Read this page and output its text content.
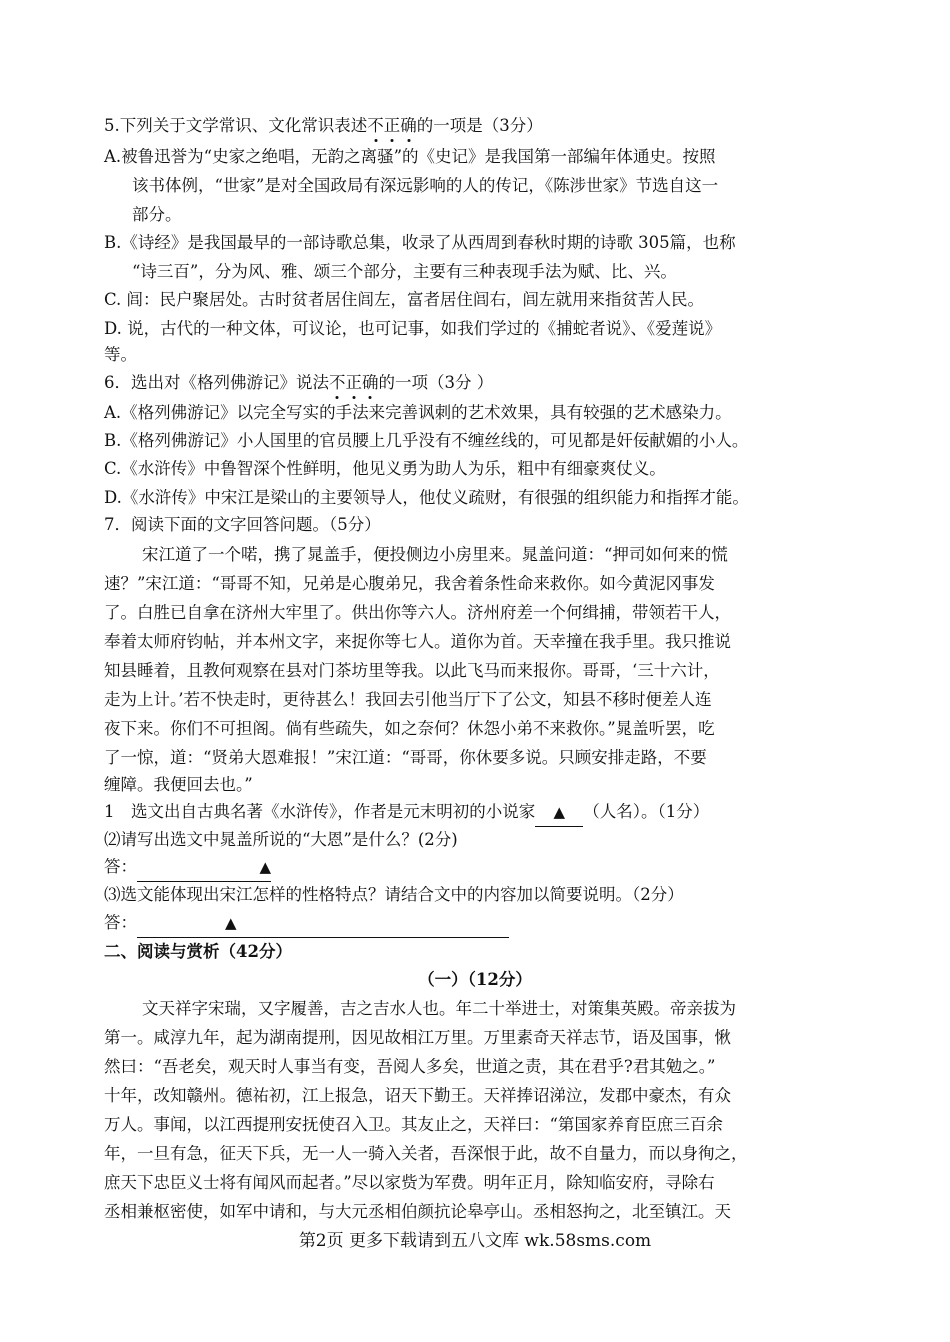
5.下列关于文学常识、文化常识表述不正确的一项是（3分）
A.被鲁迅誉为“史家之绝唱，无韵之离骚”的《史记》是我国第一部编年体通史。按照
该书体例，“世家”是对全国政局有深远影响的人的传记，《陈涉世家》节选自这一
部分。
B.《诗经》是我国最早的一部诗歌总集，收录了从西周到春秋时期的诗歌 305篇，也称
“诗三百”，分为风、雅、颂三个部分，主要有三种表现手法为赋、比、兴。
C. 闾：民户聚居处。古时贫者居住闾左，富者居住闾右，闾左就用来指贫苦人民。
D. 说，古代的一种文体，可议论，也可记事，如我们学过的《捕蛇者说》、《爱莲说》
等。
6．选出对《格列佛游记》说法不正确的一项（3分 ）
A.《格列佛游记》以完全写实的手法来完善讽刺的艺术效果，具有较强的艺术感染力。
B.《格列佛游记》小人国里的官员腰上几乎没有不缠丝线的，可见都是奸佞献媚的小人。
C.《水浒传》中鲁智深个性鲜明，他见义勇为助人为乐，粗中有细豪爽仗义。
D.《水浒传》中宋江是梁山的主要领导人，他仗义疏财，有很强的组织能力和指挥才能。
7．阅读下面的文字回答问题。（5分）
宋江道了一个喏，携了晁盖手，便投侧边小房里来。晁盖问道：“押司如何来的慌
速？”宋江道：“哥哥不知，兄弟是心腹弟兄，我舍着条性命来救你。如今黄泥冈事发
了。白胜已自拿在济州大牢里了。供出你等六人。济州府差一个何缉捕，带领若干人，
奉着太师府钧帖，并本州文字，来捉你等七人。道你为首。天幸撞在我手里。我只推说
知县睡着，且教何观察在县对门茶坊里等我。以此飞马而来报你。哥哥，‘三十六计，
走为上计。’若不快走时，更待甚么！我回去引他当厅下了公文，知县不移时便差人连
夜下来。你们不可担阁。倘有些疏失，如之奈何？休怨小弟不来救你。”晁盖听罢，吃
了一惊，道：“贤弟大恩难报！”宋江道：“哥哥，你休要多说。只顾安排走路，不要
缠障。我便回去也。”
1　选文出自古典名著《水浒传》，作者是元末明初的小说家 ▲ （人名）。（1分）
⑵请写出选文中晁盖所说的“大恩”是什么？(2分)
答：	▲
⑶选文能体现出宋江怎样的性格特点？请结合文中的内容加以简要说明。（2分）
答：	▲
二、阅读与赏析（42分）
（一）（12分）
文天祥字宋瑞，又字履善，吉之吉水人也。年二十举进士，对策集英殿。帝亲拔为
第一。咸淳九年，起为湖南提刑，因见故相江万里。万里素奇天祥志节，语及国事，愀
然曰：“吾老矣，观天时人事当有变，吾阅人多矣，世道之责，其在君乎?君其勉之。”
十年，改知赣州。德祐初，江上报急，诏天下勤王。天祥捧诏涕泣，发郡中豪杰，有众
万人。事闻，以江西提刑安抚使召入卫。其友止之，天祥曰：“第国家养育臣庶三百余
年，一旦有急，征天下兵，无一人一骑入关者，吾深恨于此，故不自量力，而以身徇之，
庶天下忠臣义士将有闻风而起者。”尽以家赀为军费。明年正月，除知临安府，寻除右
丞相兼枢密使，如军中请和，与大元丞相伯颜抗论皋亭山。丞相怒拘之，北至镇江。天
第2页 更多下载请到五八文库 wk.58sms.com
